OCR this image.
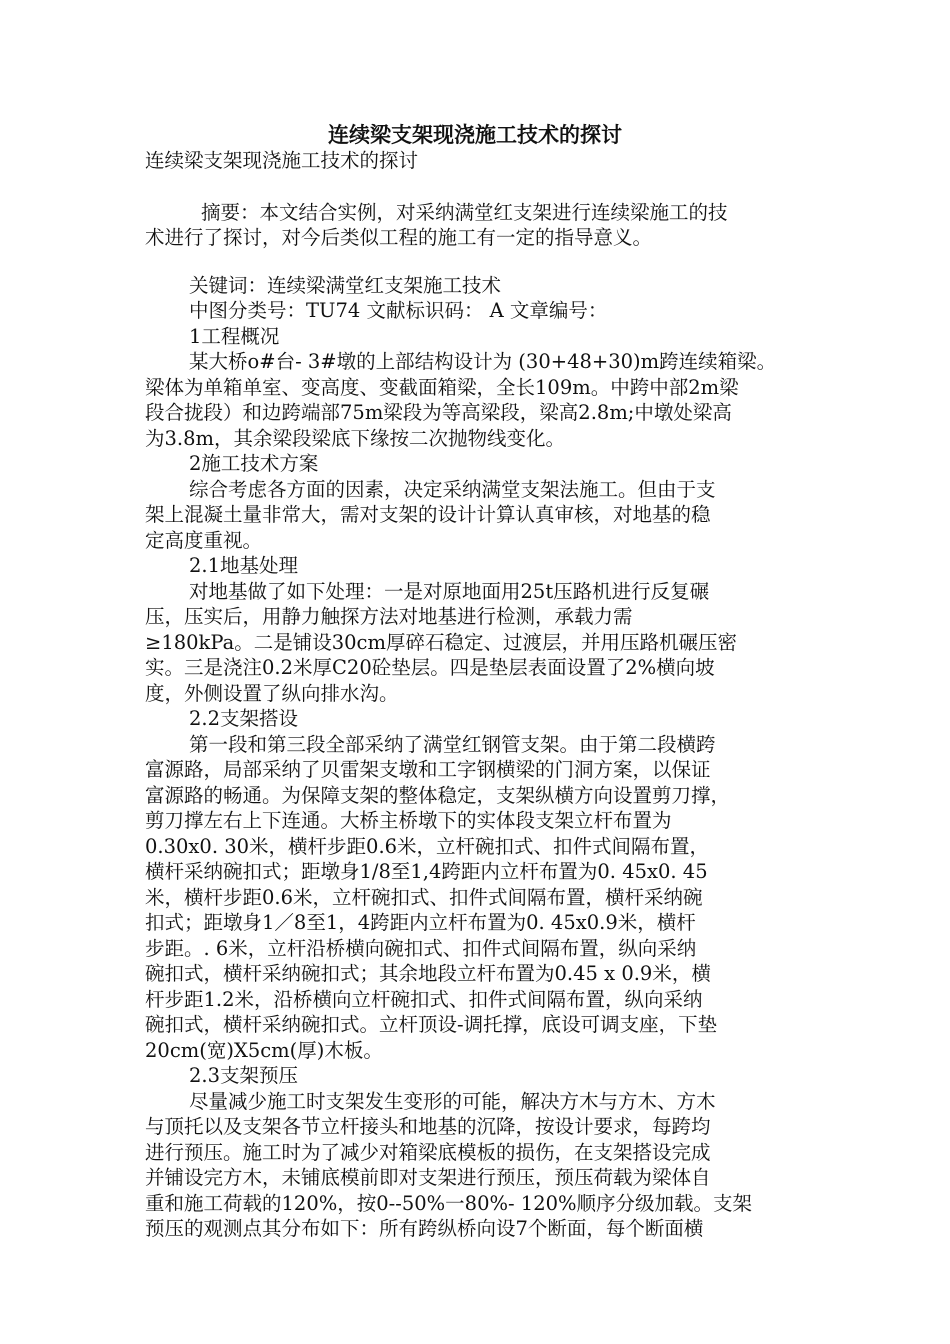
连续梁支架现浇施工技术的探讨

连续梁支架现浇施工技术的探讨

摘要：本文结合实例，对采纳满堂红支架进行连续梁施工的技

术进行了探讨，对今后类似工程的施工有一定的指导意义。

关键词：连续梁满堂红支架施工技术

中图分类号：TU74 文献标识码： A 文章编号：

1工程概况

某大桥o#台- 3#墩的上部结构设计为 (30+48+30)m跨连续箱梁。

梁体为单箱单室、变高度、变截面箱梁，全长109m。中跨中部2m梁

段合拢段）和边跨端部75m梁段为等高梁段，梁高2.8m;中墩处梁高

为3.8m，其余梁段梁底下缘按二次抛物线变化。

2施工技术方案

综合考虑各方面的因素，决定采纳满堂支架法施工。但由于支

架上混凝土量非常大，需对支架的设计计算认真审核，对地基的稳

定高度重视。

2.1地基处理

对地基做了如下处理：一是对原地面用25t压路机进行反复碾

压，压实后，用静力触探方法对地基进行检测，承载力需

≥180kPa。二是铺设30cm厚碎石稳定、过渡层，并用压路机碾压密

实。三是浇注0.2米厚C20砼垫层。四是垫层表面设置了2%横向坡

度，外侧设置了纵向排水沟。

2.2支架搭设

第一段和第三段全部采纳了满堂红钢管支架。由于第二段横跨

富源路，局部采纳了贝雷架支墩和工字钢横梁的门洞方案，以保证

富源路的畅通。为保障支架的整体稳定，支架纵横方向设置剪刀撑，

剪刀撑左右上下连通。大桥主桥墩下的实体段支架立杆布置为

0.30x0. 30米，横杆步距0.6米，立杆碗扣式、扣件式间隔布置，

横杆采纳碗扣式；距墩身1/8至1,4跨距内立杆布置为0. 45x0. 45

米，横杆步距0.6米，立杆碗扣式、扣件式间隔布置，横杆采纳碗

扣式；距墩身1／8至1，4跨距内立杆布置为0. 45x0.9米，横杆

步距。. 6米，立杆沿桥横向碗扣式、扣件式间隔布置，纵向采纳

碗扣式，横杆采纳碗扣式；其余地段立杆布置为0.45 x 0.9米，横

杆步距1.2米，沿桥横向立杆碗扣式、扣件式间隔布置，纵向采纳

碗扣式，横杆采纳碗扣式。立杆顶设-调托撑，底设可调支座，下垫

20cm(宽)X5cm(厚)木板。

2.3支架预压

尽量减少施工时支架发生变形的可能，解决方木与方木、方木

与顶托以及支架各节立杆接头和地基的沉降，按设计要求，每跨均

进行预压。施工时为了减少对箱梁底模板的损伤，在支架搭设完成

并铺设完方木，未铺底模前即对支架进行预压，预压荷载为梁体自

重和施工荷载的120%，按0--50%一80%- 120%顺序分级加载。支架

预压的观测点其分布如下：所有跨纵桥向设7个断面，每个断面横
